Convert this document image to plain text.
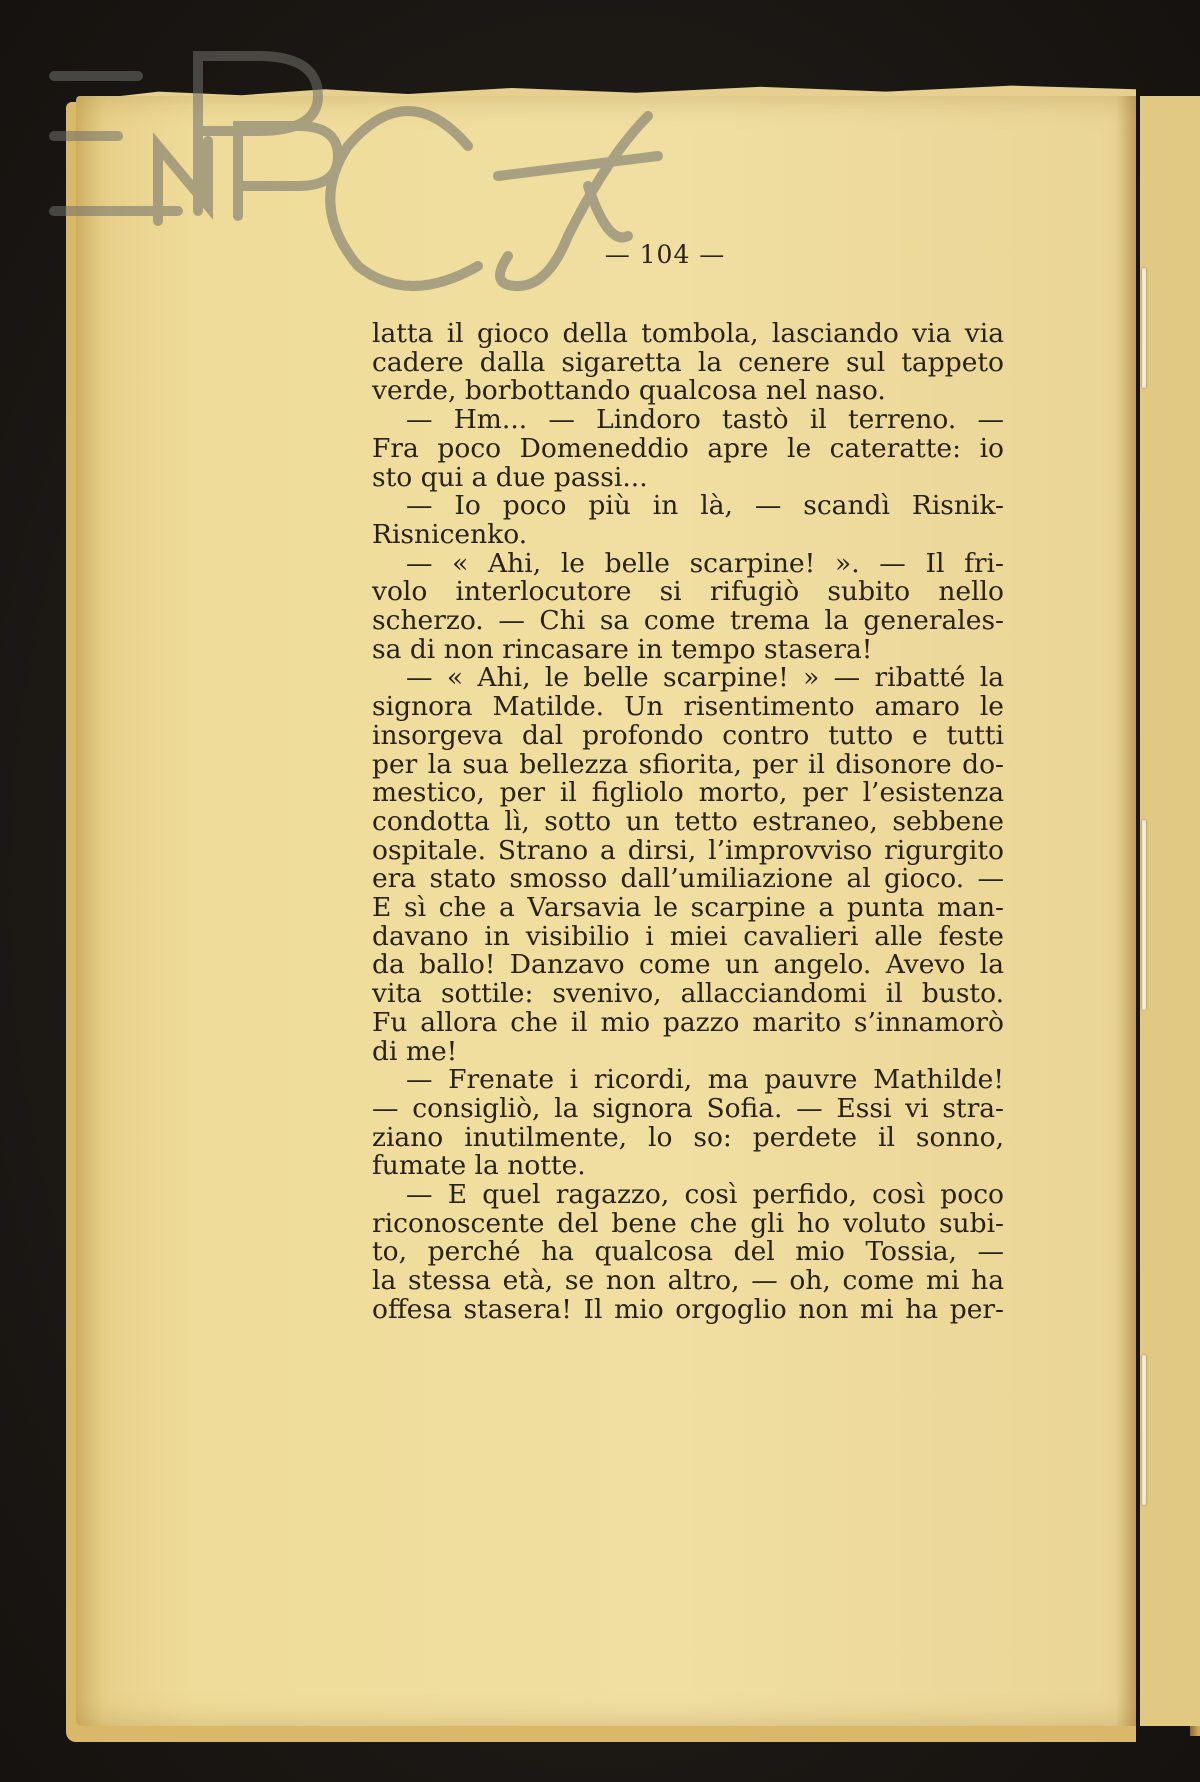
— 104 —
latta il gioco della tombola, lasciando via via
cadere dalla sigaretta la cenere sul tappeto
verde, borbottando qualcosa nel naso.
— Hm... — Lindoro tastò il terreno. —
Fra poco Domeneddio apre le cateratte: io
sto qui a due passi...
— Io poco più in là, — scandì Risnik-
Risnicenko.
— « Ahi, le belle scarpine! ». — Il fri-
volo interlocutore si rifugiò subito nello
scherzo. — Chi sa come trema la generales-
sa di non rincasare in tempo stasera!
— « Ahi, le belle scarpine! » — ribatté la
signora Matilde. Un risentimento amaro le
insorgeva dal profondo contro tutto e tutti
per la sua bellezza sfiorita, per il disonore do-
mestico, per il figliolo morto, per l’esistenza
condotta lì, sotto un tetto estraneo, sebbene
ospitale. Strano a dirsi, l’improvviso rigurgito
era stato smosso dall’umiliazione al gioco. —
E sì che a Varsavia le scarpine a punta man-
davano in visibilio i miei cavalieri alle feste
da ballo! Danzavo come un angelo. Avevo la
vita sottile: svenivo, allacciandomi il busto.
Fu allora che il mio pazzo marito s’innamorò
di me!
— Frenate i ricordi, ma pauvre Mathilde!
— consigliò, la signora Sofia. — Essi vi stra-
ziano inutilmente, lo so: perdete il sonno,
fumate la notte.
— E quel ragazzo, così perfido, così poco
riconoscente del bene che gli ho voluto subi-
to, perché ha qualcosa del mio Tossia, —
la stessa età, se non altro, — oh, come mi ha
offesa stasera! Il mio orgoglio non mi ha per-
